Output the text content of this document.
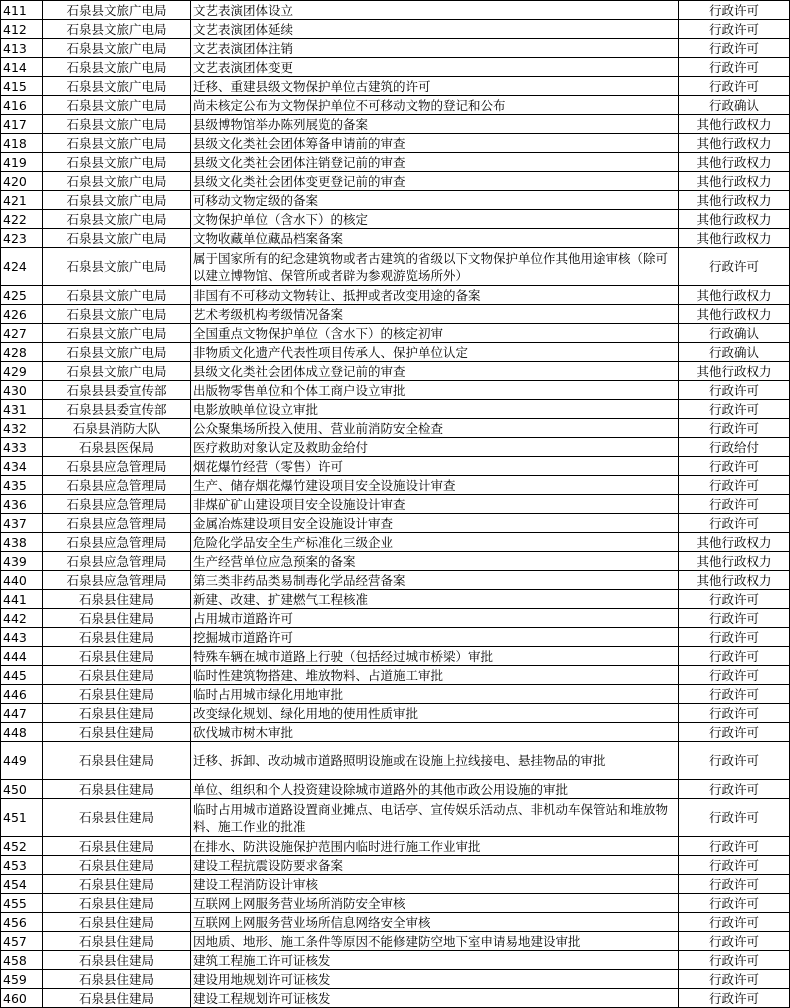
411	石泉县文旅广电局	文艺表演团体设立	行政许可
412	石泉县文旅广电局	文艺表演团体延续	行政许可
413	石泉县文旅广电局	文艺表演团体注销	行政许可
414	石泉县文旅广电局	文艺表演团体变更	行政许可
415	石泉县文旅广电局	迁移、重建县级文物保护单位古建筑的许可	行政许可
416	石泉县文旅广电局	尚未核定公布为文物保护单位不可移动文物的登记和公布	行政确认
417	石泉县文旅广电局	县级博物馆举办陈列展览的备案	其他行政权力
418	石泉县文旅广电局	县级文化类社会团体筹备申请前的审查	其他行政权力
419	石泉县文旅广电局	县级文化类社会团体注销登记前的审查	其他行政权力
420	石泉县文旅广电局	县级文化类社会团体变更登记前的审查	其他行政权力
421	石泉县文旅广电局	可移动文物定级的备案	其他行政权力
422	石泉县文旅广电局	文物保护单位（含水下）的核定	其他行政权力
423	石泉县文旅广电局	文物收藏单位藏品档案备案	其他行政权力
424	石泉县文旅广电局	属于国家所有的纪念建筑物或者古建筑的省级以下文物保护单位作其他用途审核（除可以建立博物馆、保管所或者辟为参观游览场所外）	行政许可
425	石泉县文旅广电局	非国有不可移动文物转让、抵押或者改变用途的备案	其他行政权力
426	石泉县文旅广电局	艺术考级机构考级情况备案	其他行政权力
427	石泉县文旅广电局	全国重点文物保护单位（含水下）的核定初审	行政确认
428	石泉县文旅广电局	非物质文化遗产代表性项目传承人、保护单位认定	行政确认
429	石泉县文旅广电局	县级文化类社会团体成立登记前的审查	其他行政权力
430	石泉县县委宣传部	出版物零售单位和个体工商户设立审批	行政许可
431	石泉县县委宣传部	电影放映单位设立审批	行政许可
432	石泉县消防大队	公众聚集场所投入使用、营业前消防安全检查	行政许可
433	石泉县医保局	医疗救助对象认定及救助金给付	行政给付
434	石泉县应急管理局	烟花爆竹经营（零售）许可	行政许可
435	石泉县应急管理局	生产、储存烟花爆竹建设项目安全设施设计审查	行政许可
436	石泉县应急管理局	非煤矿矿山建设项目安全设施设计审查	行政许可
437	石泉县应急管理局	金属冶炼建设项目安全设施设计审查	行政许可
438	石泉县应急管理局	危险化学品安全生产标准化三级企业	其他行政权力
439	石泉县应急管理局	生产经营单位应急预案的备案	其他行政权力
440	石泉县应急管理局	第三类非药品类易制毒化学品经营备案	其他行政权力
441	石泉县住建局	新建、改建、扩建燃气工程核准	行政许可
442	石泉县住建局	占用城市道路许可	行政许可
443	石泉县住建局	挖掘城市道路许可	行政许可
444	石泉县住建局	特殊车辆在城市道路上行驶（包括经过城市桥梁）审批	行政许可
445	石泉县住建局	临时性建筑物搭建、堆放物料、占道施工审批	行政许可
446	石泉县住建局	临时占用城市绿化用地审批	行政许可
447	石泉县住建局	改变绿化规划、绿化用地的使用性质审批	行政许可
448	石泉县住建局	砍伐城市树木审批	行政许可
449	石泉县住建局	迁移、拆卸、改动城市道路照明设施或在设施上拉线接电、悬挂物品的审批	行政许可
450	石泉县住建局	单位、组织和个人投资建设除城市道路外的其他市政公用设施的审批	行政许可
451	石泉县住建局	临时占用城市道路设置商业摊点、电话亭、宣传娱乐活动点、非机动车保管站和堆放物料、施工作业的批准	行政许可
452	石泉县住建局	在排水、防洪设施保护范围内临时进行施工作业审批	行政许可
453	石泉县住建局	建设工程抗震设防要求备案	行政许可
454	石泉县住建局	建设工程消防设计审核	行政许可
455	石泉县住建局	互联网上网服务营业场所消防安全审核	行政许可
456	石泉县住建局	互联网上网服务营业场所信息网络安全审核	行政许可
457	石泉县住建局	因地质、地形、施工条件等原因不能修建防空地下室申请易地建设审批	行政许可
458	石泉县住建局	建筑工程施工许可证核发	行政许可
459	石泉县住建局	建设用地规划许可证核发	行政许可
460	石泉县住建局	建设工程规划许可证核发	行政许可
